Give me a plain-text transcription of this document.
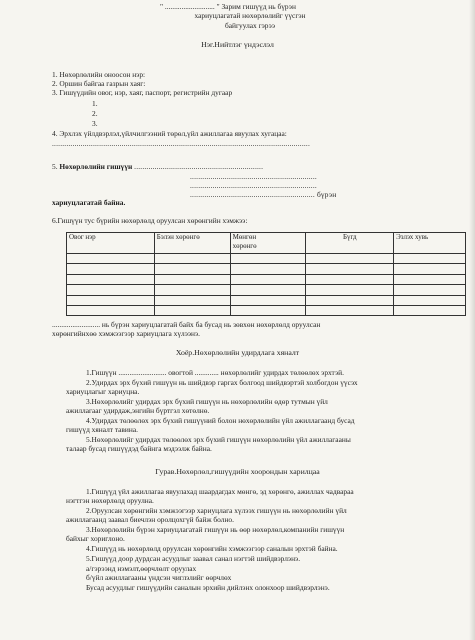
" ........................... " Зарим гишүүд нь бүрэн
хариуцлагатай нөхөрлөлийг үүсгэн
байгуулах гэрээ
Нэг.Нийтлэг үндэслэл
1. Нөхөрлөлийн оноосон нэр:
2. Оршин байгаа газрын хаяг:
3. Гишүүдийн овог, нэр, хаяг, паспорт, регистрийн дугаар
1.
2.
3.
4. Эрхлэх үйлдвэрлэл,үйлчилгээний төрөл,үйл ажиллагаа явуулах хугацаа:
..............................................................................................................................
5. Нөхөрлөлийн гишүүн ...............................................................
..............................................................
..............................................................
............................................................. бүрэн
хариуцлагатай байна.
6.Гишүүн тус бүрийн нөхөрлөлд оруулсан хөрөнгийн хэмжээ:
Овог нэр	Бэлэн хөрөнгө	Мөнгөн
хөрөнгө	Бүгд	Эзлэх хувь

.......................... нь бүрэн хариуцлагатай байх ба бусад нь зөвхөн нөхөрлөлд оруулсан
хөрөнгийнхөө хэмжээгээр хариуцлага хүлээнэ.
Хоёр.Нөхөрлөлийн удирдлага хяналт
1.Гишүүн .......................... овогтой ............. нөхөрлөлийг удирдах төлөөлөх эрхтэй.
2.Удирдах эрх бүхий гишүүн нь шийдвэр гаргах болгоод шийдвэртэй холбогдон үүсэх
хариуцлагыг хариуцна.
3.Нөхөрлөлийг удирдах эрх бүхий гишүүн нь нөхөрлөлийн өдөр тутмын үйл
ажиллагааг удирдаж,энгийн бүртгэл хөтөлнө.
4.Удирдах төлөөлөх эрх бүхий гишүүний болон нөхөрлөлийн үйл ажиллагаанд бусад
гишүүд хяналт тавина.
5.Нөхөрлөлийг удирдах төлөөлөх эрх бүхий гишүүн нөхөрлөлийн үйл ажиллагааны
талаар бусад гишүүдэд байнга мэдээлж байна.
Гурав.Нөхөрлөл,гишүүдийн хоорондын харилцаа
1.Гишүүд үйл ажиллагаа явуулахад шаардагдах мөнгө, эд хөрөнгө, ажиллах чадвараа
нэгтгэн нөхөрлөлд оруулна.
2.Оруулсан хөрөнгийн хэмжээгээр хариуцлага хүлээх гишүүн нь нөхөрлөлийн үйл
ажиллагаанд заавал биечлэн оролцохгүй байж болно.
3.Нөхөрлөлийн бүрэн хариуцлагатай гишүүн нь өөр нөхөрлөл,компанийн гишүүн
байхыг хориглоно.
4.Гишүүд нь нөхөрлөлд оруулсан хөрөнгийн хэмжээгээр саналын эрхтэй байна.
5.Гишүүд доор дурдсан асуудлыг заавал санал нэгтэй шийдвэрлэнэ.
а/гэрээнд нэмэлт,өөрчлөлт оруулах
б/үйл ажиллагааны үндсэн чиглэлийг өөрчлөх
Бусад асуудлыг гишүүдийн саналын эрхийн дийлэнх олонхоор шийдвэрлэнэ.
